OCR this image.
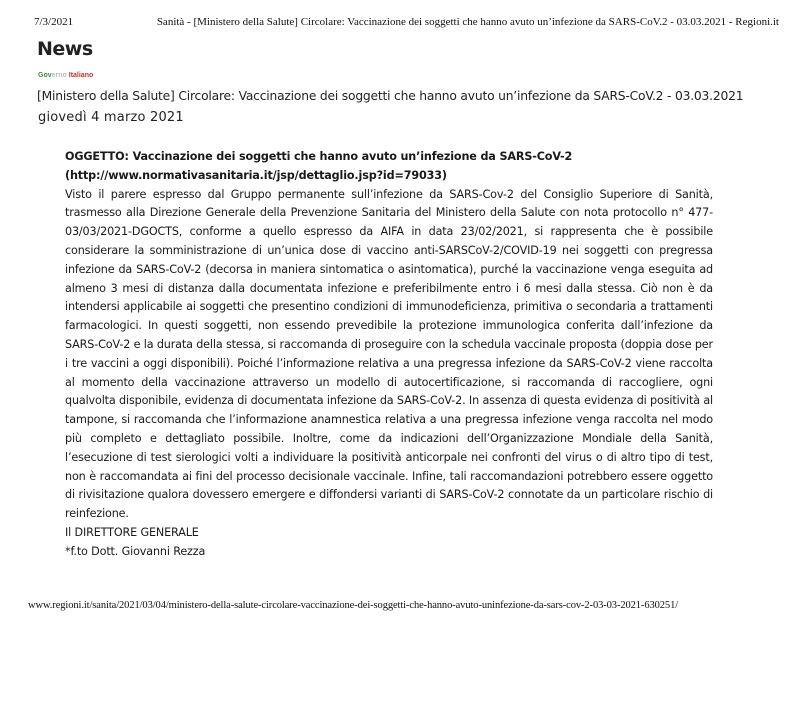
7/3/2021	Sanità - [Ministero della Salute] Circolare: Vaccinazione dei soggetti che hanno avuto un’infezione da SARS-CoV.2 - 03.03.2021 - Regioni.it
News
Governo Italiano
[Ministero della Salute] Circolare: Vaccinazione dei soggetti che hanno avuto un’infezione da SARS-CoV.2 - 03.03.2021
giovedì 4 marzo 2021

OGGETTO: Vaccinazione dei soggetti che hanno avuto un’infezione da SARS-CoV-2

(http://www.normativasanitaria.it/jsp/dettaglio.jsp?id=79033)

Visto il parere espresso dal Gruppo permanente sull’infezione da SARS-Cov-2 del Consiglio Superiore di Sanità, trasmesso alla Direzione Generale della Prevenzione Sanitaria del Ministero della Salute con nota protocollo n° 477-03/03/2021-DGOCTS, conforme a quello espresso da AIFA in data 23/02/2021, si rappresenta che è possibile considerare la somministrazione di un’unica dose di vaccino anti-SARSCoV-2/COVID-19 nei soggetti con pregressa infezione da SARS-CoV-2 (decorsa in maniera sintomatica o asintomatica), purché la vaccinazione venga eseguita ad almeno 3 mesi di distanza dalla documentata infezione e preferibilmente entro i 6 mesi dalla stessa. Ciò non è da intendersi applicabile ai soggetti che presentino condizioni di immunodeficienza, primitiva o secondaria a trattamenti farmacologici. In questi soggetti, non essendo prevedibile la protezione immunologica conferita dall’infezione da SARS-CoV-2 e la durata della stessa, si raccomanda di proseguire con la schedula vaccinale proposta (doppia dose per i tre vaccini a oggi disponibili). Poiché l’informazione relativa a una pregressa infezione da SARS-CoV-2 viene raccolta al momento della vaccinazione attraverso un modello di autocertificazione, si raccomanda di raccogliere, ogni qualvolta disponibile, evidenza di documentata infezione da SARS-CoV-2. In assenza di questa evidenza di positività al tampone, si raccomanda che l’informazione anamnestica relativa a una pregressa infezione venga raccolta nel modo più completo e dettagliato possibile. Inoltre, come da indicazioni dell’Organizzazione Mondiale della Sanità, l’esecuzione di test sierologici volti a individuare la positività anticorpale nei confronti del virus o di altro tipo di test, non è raccomandata ai fini del processo decisionale vaccinale. Infine, tali raccomandazioni potrebbero essere oggetto di rivisitazione qualora dovessero emergere e diffondersi varianti di SARS-CoV-2 connotate da un particolare rischio di reinfezione.

Il DIRETTORE GENERALE

*f.to Dott. Giovanni Rezza

www.regioni.it/sanita/2021/03/04/ministero-della-salute-circolare-vaccinazione-dei-soggetti-che-hanno-avuto-uninfezione-da-sars-cov-2-03-03-2021-630251/
